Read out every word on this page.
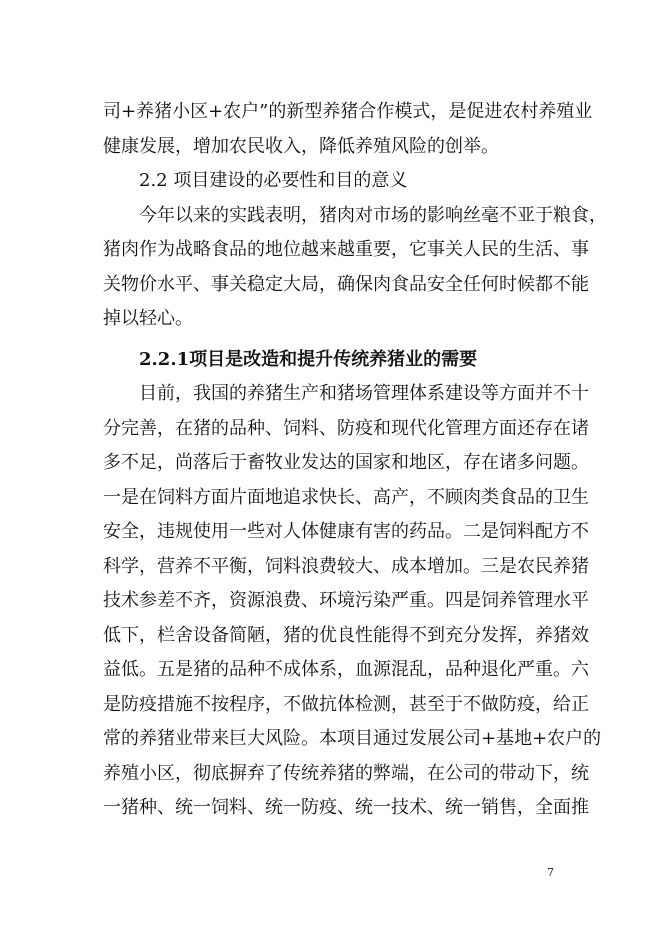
司+养猪小区+农户”的新型养猪合作模式，是促进农村养殖业
健康发展，增加农民收入，降低养殖风险的创举。
2.2 项目建设的必要性和目的意义
今年以来的实践表明，猪肉对市场的影响丝毫不亚于粮食，
猪肉作为战略食品的地位越来越重要，它事关人民的生活、事
关物价水平、事关稳定大局，确保肉食品安全任何时候都不能
掉以轻心。
2.2.1项目是改造和提升传统养猪业的需要
目前，我国的养猪生产和猪场管理体系建设等方面并不十
分完善，在猪的品种、饲料、防疫和现代化管理方面还存在诸
多不足，尚落后于畜牧业发达的国家和地区，存在诸多问题。
一是在饲料方面片面地追求快长、高产，不顾肉类食品的卫生
安全，违规使用一些对人体健康有害的药品。二是饲料配方不
科学，营养不平衡，饲料浪费较大、成本增加。三是农民养猪
技术参差不齐，资源浪费、环境污染严重。四是饲养管理水平
低下，栏舍设备简陋，猪的优良性能得不到充分发挥，养猪效
益低。五是猪的品种不成体系，血源混乱，品种退化严重。六
是防疫措施不按程序，不做抗体检测，甚至于不做防疫，给正
常的养猪业带来巨大风险。本项目通过发展公司+基地+农户的
养殖小区，彻底摒弃了传统养猪的弊端，在公司的带动下，统
一猪种、统一饲料、统一防疫、统一技术、统一销售，全面推
7
